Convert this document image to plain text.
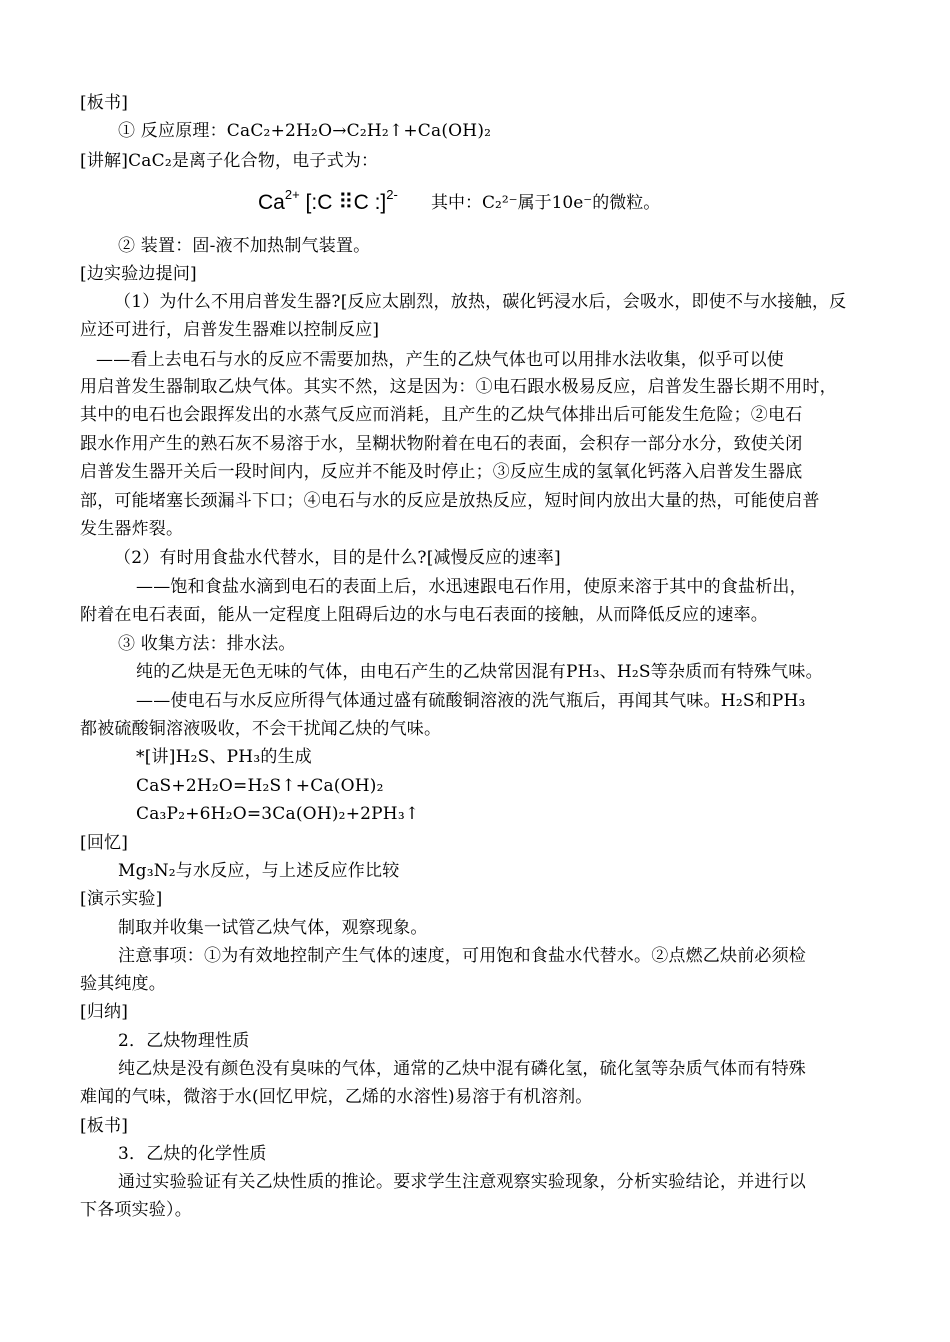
[板书]
① 反应原理：CaC₂+2H₂O→C₂H₂↑+Ca(OH)₂
[讲解]CaC₂是离子化合物，电子式为：
$Ca^{2+}$ [:C ⠿C :]$^{2-}$ 其中：C₂²⁻属于10e⁻的微粒。
② 装置：固-液不加热制气装置。
[边实验边提问]
（1）为什么不用启普发生器?[反应太剧烈，放热，碳化钙浸水后，会吸水，即使不与水接触，反
应还可进行，启普发生器难以控制反应]
——看上去电石与水的反应不需要加热，产生的乙炔气体也可以用排水法收集，似乎可以使
用启普发生器制取乙炔气体。其实不然，这是因为：①电石跟水极易反应，启普发生器长期不用时，
其中的电石也会跟挥发出的水蒸气反应而消耗，且产生的乙炔气体排出后可能发生危险；②电石
跟水作用产生的熟石灰不易溶于水，呈糊状物附着在电石的表面，会积存一部分水分，致使关闭
启普发生器开关后一段时间内，反应并不能及时停止；③反应生成的氢氧化钙落入启普发生器底
部，可能堵塞长颈漏斗下口；④电石与水的反应是放热反应，短时间内放出大量的热，可能使启普
发生器炸裂。
（2）有时用食盐水代替水，目的是什么?[减慢反应的速率]
——饱和食盐水滴到电石的表面上后，水迅速跟电石作用，使原来溶于其中的食盐析出，
附着在电石表面，能从一定程度上阻碍后边的水与电石表面的接触，从而降低反应的速率。
③ 收集方法：排水法。
纯的乙炔是无色无味的气体，由电石产生的乙炔常因混有PH₃、H₂S等杂质而有特殊气味。
——使电石与水反应所得气体通过盛有硫酸铜溶液的洗气瓶后，再闻其气味。H₂S和PH₃
都被硫酸铜溶液吸收，不会干扰闻乙炔的气味。
*[讲]H₂S、PH₃的生成
CaS+2H₂O=H₂S↑+Ca(OH)₂
Ca₃P₂+6H₂O=3Ca(OH)₂+2PH₃↑
[回忆]
Mg₃N₂与水反应，与上述反应作比较
[演示实验]
制取并收集一试管乙炔气体，观察现象。
注意事项：①为有效地控制产生气体的速度，可用饱和食盐水代替水。②点燃乙炔前必须检
验其纯度。
[归纳]
2．乙炔物理性质
纯乙炔是没有颜色没有臭味的气体，通常的乙炔中混有磷化氢，硫化氢等杂质气体而有特殊
难闻的气味，微溶于水(回忆甲烷，乙烯的水溶性)易溶于有机溶剂。
[板书]
3．乙炔的化学性质
通过实验验证有关乙炔性质的推论。要求学生注意观察实验现象，分析实验结论，并进行以
下各项实验）。
